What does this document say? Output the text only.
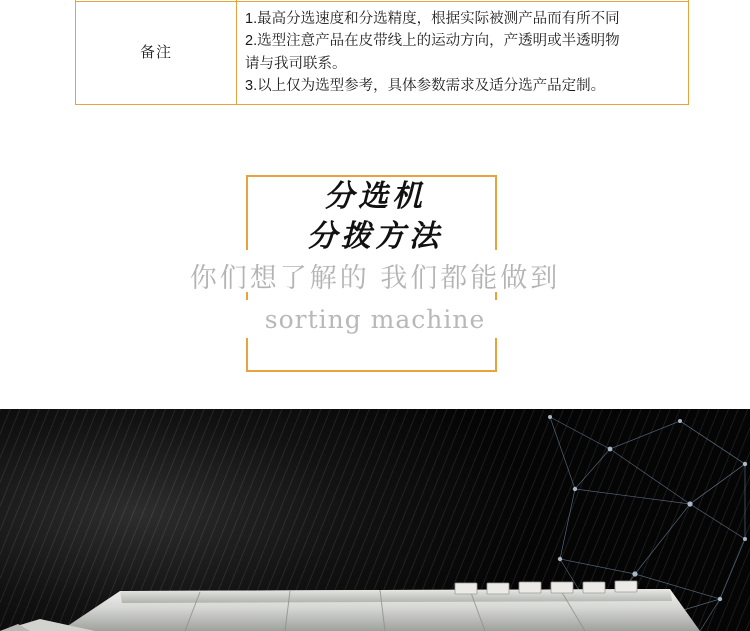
备注	
1.最高分选速度和分选精度，根据实际被测产品而有所不同
2.选型注意产品在皮带线上的运动方向，产透明或半透明物
请与我司联系。
3.以上仅为选型参考，具体参数需求及适分选产品定制。
分选机
分拨方法
你们想了解的 我们都能做到
sorting machine
